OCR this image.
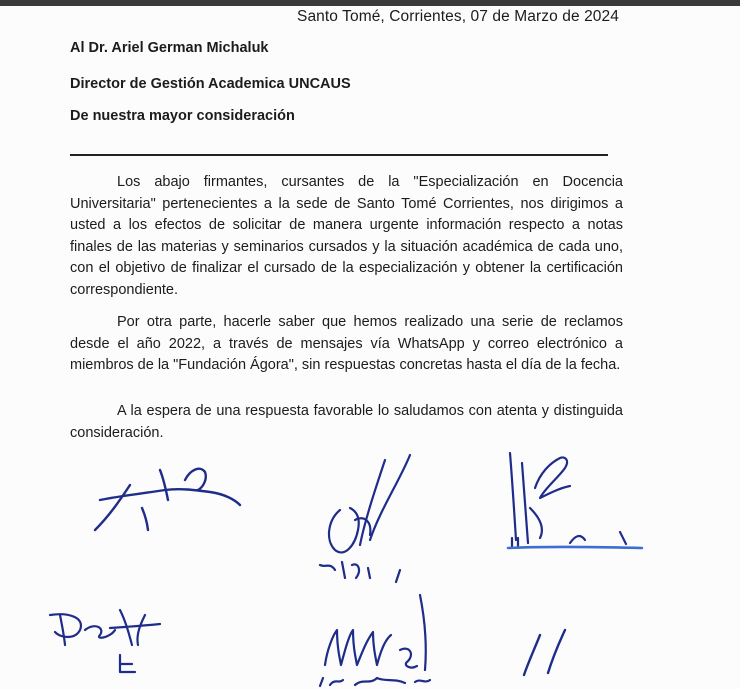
Santo Tomé, Corrientes, 07 de Marzo de 2024
Al Dr. Ariel German Michaluk
Director de Gestión Academica UNCAUS
De nuestra mayor consideración

Los abajo firmantes, cursantes de la "Especialización en Docencia Universitaria" pertenecientes a la sede de Santo Tomé Corrientes, nos dirigimos a usted a los efectos de solicitar de manera urgente información respecto a notas finales de las materias y seminarios cursados y la situación académica de cada uno, con el objetivo de finalizar el cursado de la especialización y obtener la certificación correspondiente.

Por otra parte, hacerle saber que hemos realizado una serie de reclamos desde el año 2022, a través de mensajes vía WhatsApp y correo electrónico a miembros de la "Fundación Ágora", sin respuestas concretas hasta el día de la fecha.

A la espera de una respuesta favorable lo saludamos con atenta y distinguida consideración.
